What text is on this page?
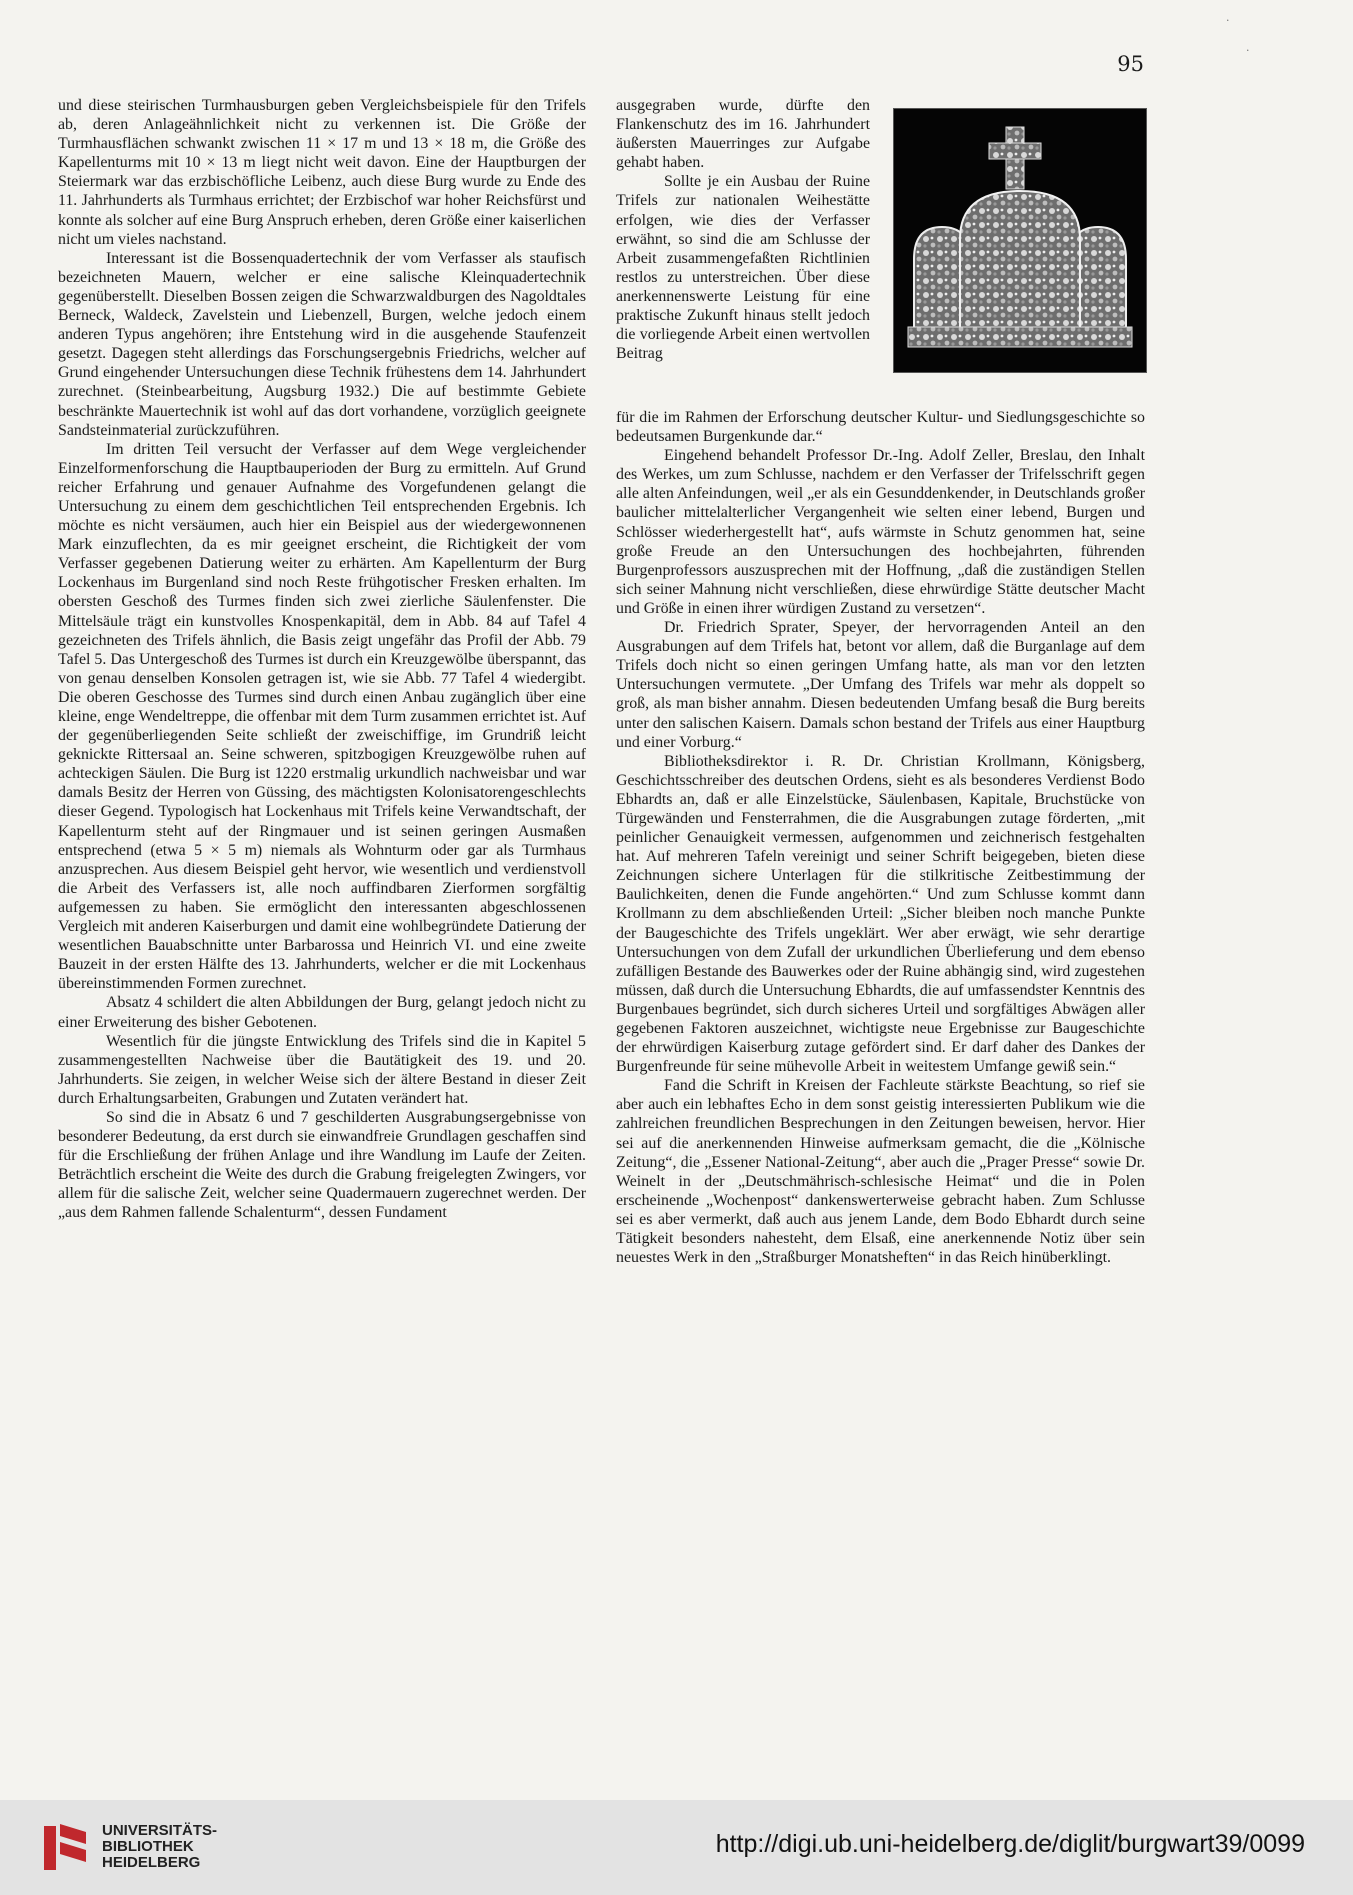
·
·
95

und diese steirischen Turmhausburgen geben Vergleichsbeispiele für den Trifels ab, deren Anlageähnlichkeit nicht zu verkennen ist. Die Größe der Turmhausflächen schwankt zwischen 11 × 17 m und 13 × 18 m, die Größe des Kapellenturms mit 10 × 13 m liegt nicht weit davon. Eine der Hauptburgen der Steiermark war das erzbischöfliche Leibenz, auch diese Burg wurde zu Ende des 11. Jahrhunderts als Turmhaus errichtet; der Erzbischof war hoher Reichsfürst und konnte als solcher auf eine Burg Anspruch erheben, deren Größe einer kaiserlichen nicht um vieles nachstand.

Interessant ist die Bossenquadertechnik der vom Verfasser als staufisch bezeichneten Mauern, welcher er eine salische Kleinquadertechnik gegenüberstellt. Dieselben Bossen zeigen die Schwarzwaldburgen des Nagoldtales Berneck, Waldeck, Zavelstein und Liebenzell, Burgen, welche jedoch einem anderen Typus angehören; ihre Entstehung wird in die ausgehende Staufenzeit gesetzt. Dagegen steht allerdings das Forschungsergebnis Friedrichs, welcher auf Grund eingehender Untersuchungen diese Technik frühestens dem 14. Jahrhundert zurechnet. (Steinbearbeitung, Augsburg 1932.) Die auf bestimmte Gebiete beschränkte Mauertechnik ist wohl auf das dort vorhandene, vorzüglich geeignete Sandsteinmaterial zurückzuführen.

Im dritten Teil versucht der Verfasser auf dem Wege vergleichender Einzelformenforschung die Hauptbauperioden der Burg zu ermitteln. Auf Grund reicher Erfahrung und genauer Aufnahme des Vorgefundenen gelangt die Untersuchung zu einem dem geschichtlichen Teil entsprechenden Ergebnis. Ich möchte es nicht versäumen, auch hier ein Beispiel aus der wiedergewonnenen Mark einzuflechten, da es mir geeignet erscheint, die Richtigkeit der vom Verfasser gegebenen Datierung weiter zu erhärten. Am Kapellenturm der Burg Lockenhaus im Burgenland sind noch Reste frühgotischer Fresken erhalten. Im obersten Geschoß des Turmes finden sich zwei zierliche Säulenfenster. Die Mittelsäule trägt ein kunstvolles Knospenkapitäl, dem in Abb. 84 auf Tafel 4 gezeichneten des Trifels ähnlich, die Basis zeigt ungefähr das Profil der Abb. 79 Tafel 5. Das Untergeschoß des Turmes ist durch ein Kreuzgewölbe überspannt, das von genau denselben Konsolen getragen ist, wie sie Abb. 77 Tafel 4 wiedergibt. Die oberen Geschosse des Turmes sind durch einen Anbau zugänglich über eine kleine, enge Wendeltreppe, die offenbar mit dem Turm zusammen errichtet ist. Auf der gegenüberliegenden Seite schließt der zweischiffige, im Grundriß leicht geknickte Rittersaal an. Seine schweren, spitzbogigen Kreuzgewölbe ruhen auf achteckigen Säulen. Die Burg ist 1220 erstmalig urkundlich nachweisbar und war damals Besitz der Herren von Güssing, des mächtigsten Kolonisatorengeschlechts dieser Gegend. Typologisch hat Lockenhaus mit Trifels keine Verwandtschaft, der Kapellenturm steht auf der Ringmauer und ist seinen geringen Ausmaßen entsprechend (etwa 5 × 5 m) niemals als Wohnturm oder gar als Turmhaus anzusprechen. Aus diesem Beispiel geht hervor, wie wesentlich und verdienstvoll die Arbeit des Verfassers ist, alle noch auffindbaren Zierformen sorgfältig aufgemessen zu haben. Sie ermöglicht den interessanten abgeschlossenen Vergleich mit anderen Kaiserburgen und damit eine wohlbegründete Datierung der wesentlichen Bauabschnitte unter Barbarossa und Heinrich VI. und eine zweite Bauzeit in der ersten Hälfte des 13. Jahrhunderts, welcher er die mit Lockenhaus übereinstimmenden Formen zurechnet.

Absatz 4 schildert die alten Abbildungen der Burg, gelangt jedoch nicht zu einer Erweiterung des bisher Gebotenen.

Wesentlich für die jüngste Entwicklung des Trifels sind die in Kapitel 5 zusammengestellten Nachweise über die Bautätigkeit des 19. und 20. Jahrhunderts. Sie zeigen, in welcher Weise sich der ältere Bestand in dieser Zeit durch Erhaltungsarbeiten, Grabungen und Zutaten verändert hat.

So sind die in Absatz 6 und 7 geschilderten Ausgrabungsergebnisse von besonderer Bedeutung, da erst durch sie einwandfreie Grundlagen geschaffen sind für die Erschließung der frühen Anlage und ihre Wandlung im Laufe der Zeiten. Beträchtlich erscheint die Weite des durch die Grabung freigelegten Zwingers, vor allem für die salische Zeit, welcher seine Quadermauern zugerechnet werden. Der „aus dem Rahmen fallende Schalenturm“, dessen Fundament

ausgegraben wurde, dürfte den Flankenschutz des im 16. Jahrhundert äußersten Mauerringes zur Aufgabe gehabt haben.

Sollte je ein Ausbau der Ruine Trifels zur nationalen Weihestätte erfolgen, wie dies der Verfasser erwähnt, so sind die am Schlusse der Arbeit zusammengefaßten Richtlinien restlos zu unterstreichen. Über diese anerkennenswerte Leistung für eine praktische Zukunft hinaus stellt jedoch die vorliegende Arbeit einen wertvollen Beitrag

für die im Rahmen der Erforschung deutscher Kultur- und Siedlungsgeschichte so bedeutsamen Burgenkunde dar.“

Eingehend behandelt Professor Dr.-Ing. Adolf Zeller, Breslau, den Inhalt des Werkes, um zum Schlusse, nachdem er den Verfasser der Trifelsschrift gegen alle alten Anfeindungen, weil „er als ein Gesunddenkender, in Deutschlands großer baulicher mittelalterlicher Vergangenheit wie selten einer lebend, Burgen und Schlösser wiederhergestellt hat“, aufs wärmste in Schutz genommen hat, seine große Freude an den Untersuchungen des hochbejahrten, führenden Burgenprofessors auszusprechen mit der Hoffnung, „daß die zuständigen Stellen sich seiner Mahnung nicht verschließen, diese ehrwürdige Stätte deutscher Macht und Größe in einen ihrer würdigen Zustand zu versetzen“.

Dr. Friedrich Sprater, Speyer, der hervorragenden Anteil an den Ausgrabungen auf dem Trifels hat, betont vor allem, daß die Burganlage auf dem Trifels doch nicht so einen geringen Umfang hatte, als man vor den letzten Untersuchungen vermutete. „Der Umfang des Trifels war mehr als doppelt so groß, als man bisher annahm. Diesen bedeutenden Umfang besaß die Burg bereits unter den salischen Kaisern. Damals schon bestand der Trifels aus einer Hauptburg und einer Vorburg.“

Bibliotheksdirektor i. R. Dr. Christian Krollmann, Königsberg, Geschichtsschreiber des deutschen Ordens, sieht es als besonderes Verdienst Bodo Ebhardts an, daß er alle Einzelstücke, Säulenbasen, Kapitale, Bruchstücke von Türgewänden und Fensterrahmen, die die Ausgrabungen zutage förderten, „mit peinlicher Genauigkeit vermessen, aufgenommen und zeichnerisch festgehalten hat. Auf mehreren Tafeln vereinigt und seiner Schrift beigegeben, bieten diese Zeichnungen sichere Unterlagen für die stilkritische Zeitbestimmung der Baulichkeiten, denen die Funde angehörten.“ Und zum Schlusse kommt dann Krollmann zu dem abschließenden Urteil: „Sicher bleiben noch manche Punkte der Baugeschichte des Trifels ungeklärt. Wer aber erwägt, wie sehr derartige Untersuchungen von dem Zufall der urkundlichen Überlieferung und dem ebenso zufälligen Bestande des Bauwerkes oder der Ruine abhängig sind, wird zugestehen müssen, daß durch die Untersuchung Ebhardts, die auf umfassendster Kenntnis des Burgenbaues begründet, sich durch sicheres Urteil und sorgfältiges Abwägen aller gegebenen Faktoren auszeichnet, wichtigste neue Ergebnisse zur Baugeschichte der ehrwürdigen Kaiserburg zutage gefördert sind. Er darf daher des Dankes der Burgenfreunde für seine mühevolle Arbeit in weitestem Umfange gewiß sein.“

Fand die Schrift in Kreisen der Fachleute stärkste Beachtung, so rief sie aber auch ein lebhaftes Echo in dem sonst geistig interessierten Publikum wie die zahlreichen freundlichen Besprechungen in den Zeitungen beweisen, hervor. Hier sei auf die anerkennenden Hinweise aufmerksam gemacht, die die „Kölnische Zeitung“, die „Essener National-Zeitung“, aber auch die „Prager Presse“ sowie Dr. Weinelt in der „Deutschmährisch-schlesische Heimat“ und die in Polen erscheinende „Wochenpost“ dankenswerterweise gebracht haben. Zum Schlusse sei es aber vermerkt, daß auch aus jenem Lande, dem Bodo Ebhardt durch seine Tätigkeit besonders nahesteht, dem Elsaß, eine anerkennende Notiz über sein neuestes Werk in den „Straßburger Monatsheften“ in das Reich hinüberklingt.

UNIVERSITÄTS-
BIBLIOTHEK
HEIDELBERG
http://digi.ub.uni-heidelberg.de/diglit/burgwart39/0099
